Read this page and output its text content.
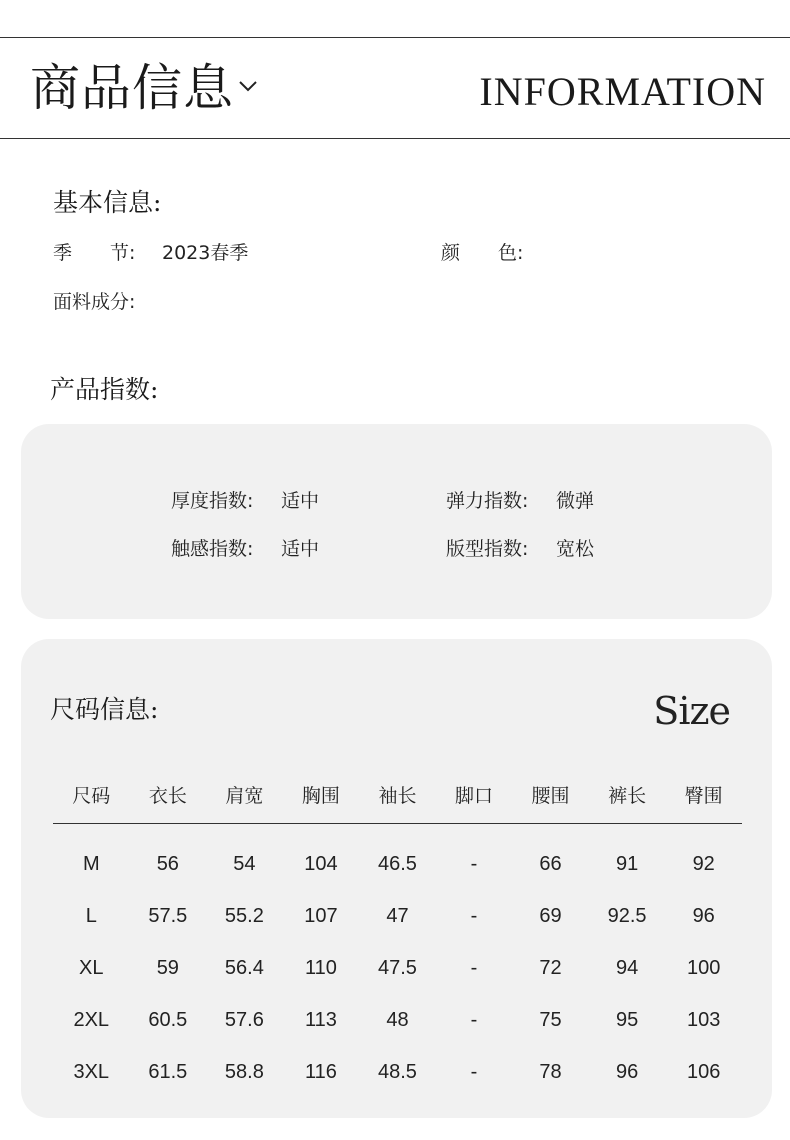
商品信息	INFORMATION
基本信息:
季　　节: 2023春季	颜　　色:
面料成分:
产品指数:
厚度指数: 适中	弹力指数: 微弹
触感指数: 适中	版型指数: 宽松
尺码信息:	Size
尺码	衣长	肩宽	胸围	袖长	脚口	腰围	裤长	臀围

M	56	54	104	46.5	-	66	91	92
L	57.5	55.2	107	47	-	69	92.5	96
XL	59	56.4	110	47.5	-	72	94	100
2XL	60.5	57.6	113	48	-	75	95	103
3XL	61.5	58.8	116	48.5	-	78	96	106
